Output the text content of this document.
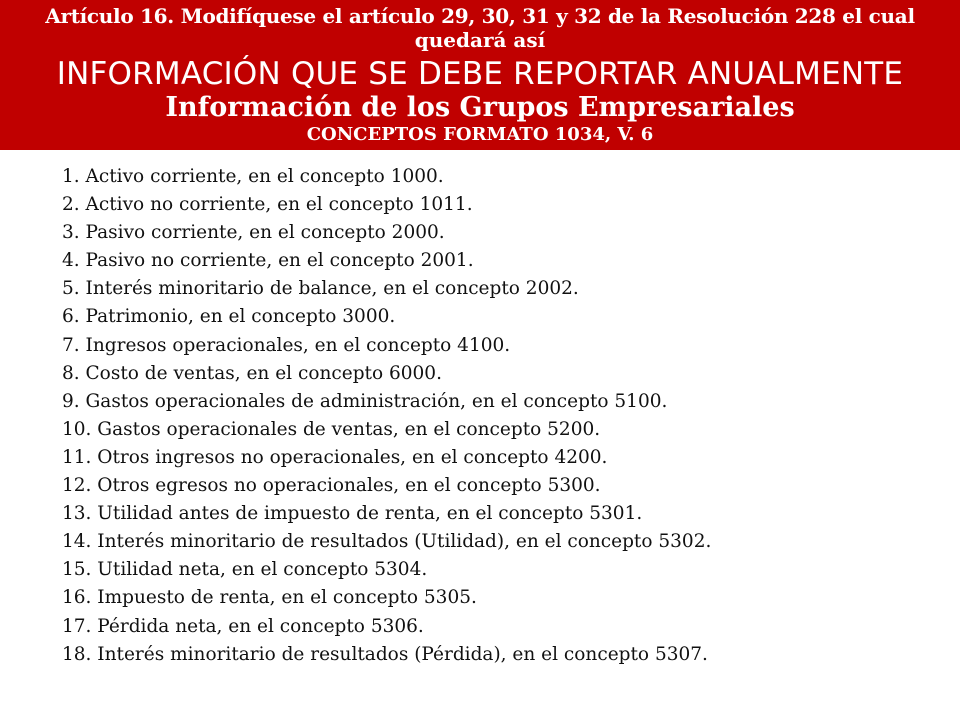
Artículo 16. Modifíquese el artículo 29, 30, 31 y 32 de la Resolución 228 el cual
quedará así
INFORMACIÓN QUE SE DEBE REPORTAR ANUALMENTE
Información de los Grupos Empresariales
CONCEPTOS FORMATO 1034, V. 6
1. Activo corriente, en el concepto 1000.
2. Activo no corriente, en el concepto 1011.
3. Pasivo corriente, en el concepto 2000.
4. Pasivo no corriente, en el concepto 2001.
5. Interés minoritario de balance, en el concepto 2002.
6. Patrimonio, en el concepto 3000.
7. Ingresos operacionales, en el concepto 4100.
8. Costo de ventas, en el concepto 6000.
9. Gastos operacionales de administración, en el concepto 5100.
10. Gastos operacionales de ventas, en el concepto 5200.
11. Otros ingresos no operacionales, en el concepto 4200.
12. Otros egresos no operacionales, en el concepto 5300.
13. Utilidad antes de impuesto de renta, en el concepto 5301.
14. Interés minoritario de resultados (Utilidad), en el concepto 5302.
15. Utilidad neta, en el concepto 5304.
16. Impuesto de renta, en el concepto 5305.
17. Pérdida neta, en el concepto 5306.
18. Interés minoritario de resultados (Pérdida), en el concepto 5307.
